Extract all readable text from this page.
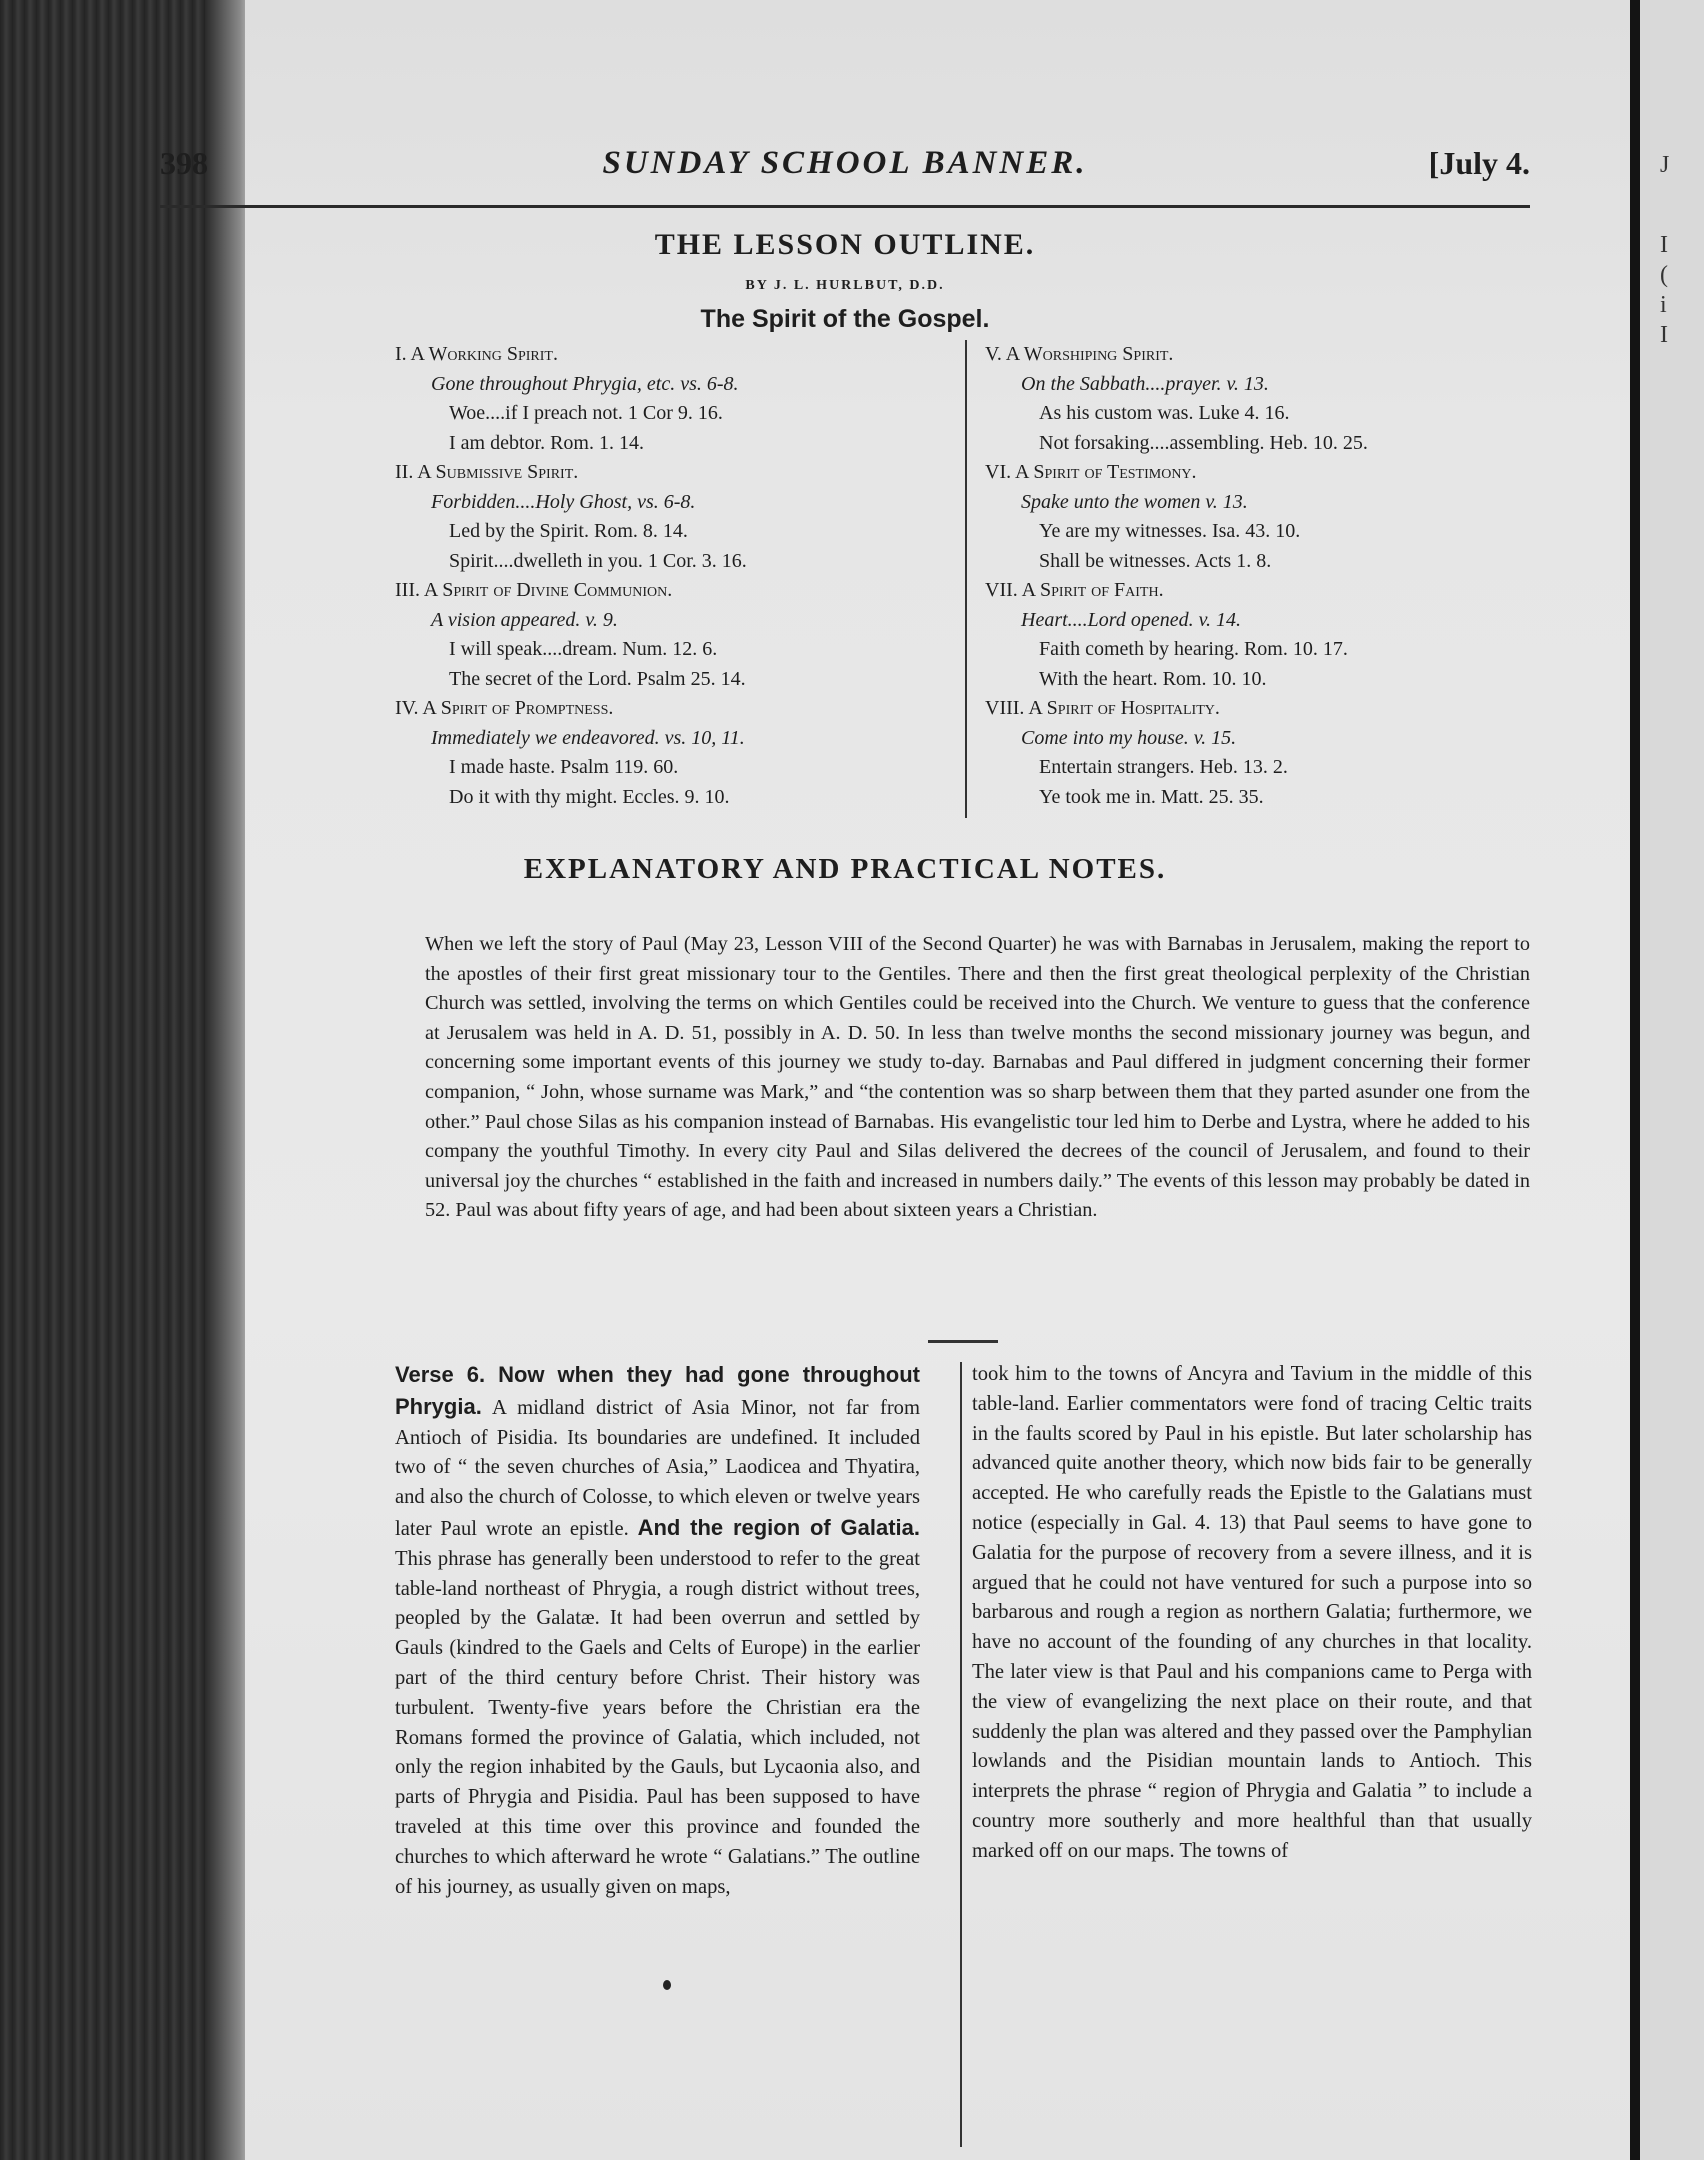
J
I
(
i
I
398	SUNDAY SCHOOL BANNER.	[July 4.
THE LESSON OUTLINE.
BY J. L. HURLBUT, D.D.
The Spirit of the Gospel.
I. A Working Spirit.
Gone throughout Phrygia, etc. vs. 6-8.
Woe....if I preach not. 1 Cor 9. 16.
I am debtor. Rom. 1. 14.
II. A Submissive Spirit.
Forbidden....Holy Ghost, vs. 6-8.
Led by the Spirit. Rom. 8. 14.
Spirit....dwelleth in you. 1 Cor. 3. 16.
III. A Spirit of Divine Communion.
A vision appeared. v. 9.
I will speak....dream. Num. 12. 6.
The secret of the Lord. Psalm 25. 14.
IV. A Spirit of Promptness.
Immediately we endeavored. vs. 10, 11.
I made haste. Psalm 119. 60.
Do it with thy might. Eccles. 9. 10.
V. A Worshiping Spirit.
On the Sabbath....prayer. v. 13.
As his custom was. Luke 4. 16.
Not forsaking....assembling. Heb. 10. 25.
VI. A Spirit of Testimony.
Spake unto the women v. 13.
Ye are my witnesses. Isa. 43. 10.
Shall be witnesses. Acts 1. 8.
VII. A Spirit of Faith.
Heart....Lord opened. v. 14.
Faith cometh by hearing. Rom. 10. 17.
With the heart. Rom. 10. 10.
VIII. A Spirit of Hospitality.
Come into my house. v. 15.
Entertain strangers. Heb. 13. 2.
Ye took me in. Matt. 25. 35.
EXPLANATORY AND PRACTICAL NOTES.

When we left the story of Paul (May 23, Lesson VIII of the Second Quarter) he was with Barnabas in Jerusalem, making the report to the apostles of their first great missionary tour to the Gentiles. There and then the first great theological perplexity of the Christian Church was settled, involving the terms on which Gentiles could be received into the Church. We venture to guess that the conference at Jerusalem was held in A. D. 51, possibly in A. D. 50. In less than twelve months the second missionary journey was begun, and concerning some important events of this journey we study to-day. Barnabas and Paul differed in judgment concerning their former companion, “ John, whose surname was Mark,” and “the contention was so sharp between them that they parted asunder one from the other.” Paul chose Silas as his companion instead of Barnabas. His evangelistic tour led him to Derbe and Lystra, where he added to his company the youthful Timothy. In every city Paul and Silas delivered the decrees of the council of Jerusalem, and found to their universal joy the churches “ established in the faith and increased in numbers daily.” The events of this lesson may probably be dated in 52. Paul was about fifty years of age, and had been about sixteen years a Christian.

Verse 6. Now when they had gone throughout Phrygia. A midland district of Asia Minor, not far from Antioch of Pisidia. Its boundaries are undefined. It included two of “ the seven churches of Asia,” Laodicea and Thyatira, and also the church of Colosse, to which eleven or twelve years later Paul wrote an epistle. And the region of Galatia. This phrase has generally been understood to refer to the great table-land northeast of Phrygia, a rough district without trees, peopled by the Galatæ. It had been overrun and settled by Gauls (kindred to the Gaels and Celts of Europe) in the earlier part of the third century before Christ. Their history was turbulent. Twenty-five years before the Christian era the Romans formed the province of Galatia, which included, not only the region inhabited by the Gauls, but Lycaonia also, and parts of Phrygia and Pisidia. Paul has been supposed to have traveled at this time over this province and founded the churches to which afterward he wrote “ Galatians.” The outline of his journey, as usually given on maps,

took him to the towns of Ancyra and Tavium in the middle of this table-land. Earlier commentators were fond of tracing Celtic traits in the faults scored by Paul in his epistle. But later scholarship has advanced quite another theory, which now bids fair to be generally accepted. He who carefully reads the Epistle to the Galatians must notice (especially in Gal. 4. 13) that Paul seems to have gone to Galatia for the purpose of recovery from a severe illness, and it is argued that he could not have ventured for such a purpose into so barbarous and rough a region as northern Galatia; furthermore, we have no account of the founding of any churches in that locality. The later view is that Paul and his companions came to Perga with the view of evangelizing the next place on their route, and that suddenly the plan was altered and they passed over the Pamphylian lowlands and the Pisidian mountain lands to Antioch. This interprets the phrase “ region of Phrygia and Galatia ” to include a country more southerly and more healthful than that usually marked off on our maps. The towns of
